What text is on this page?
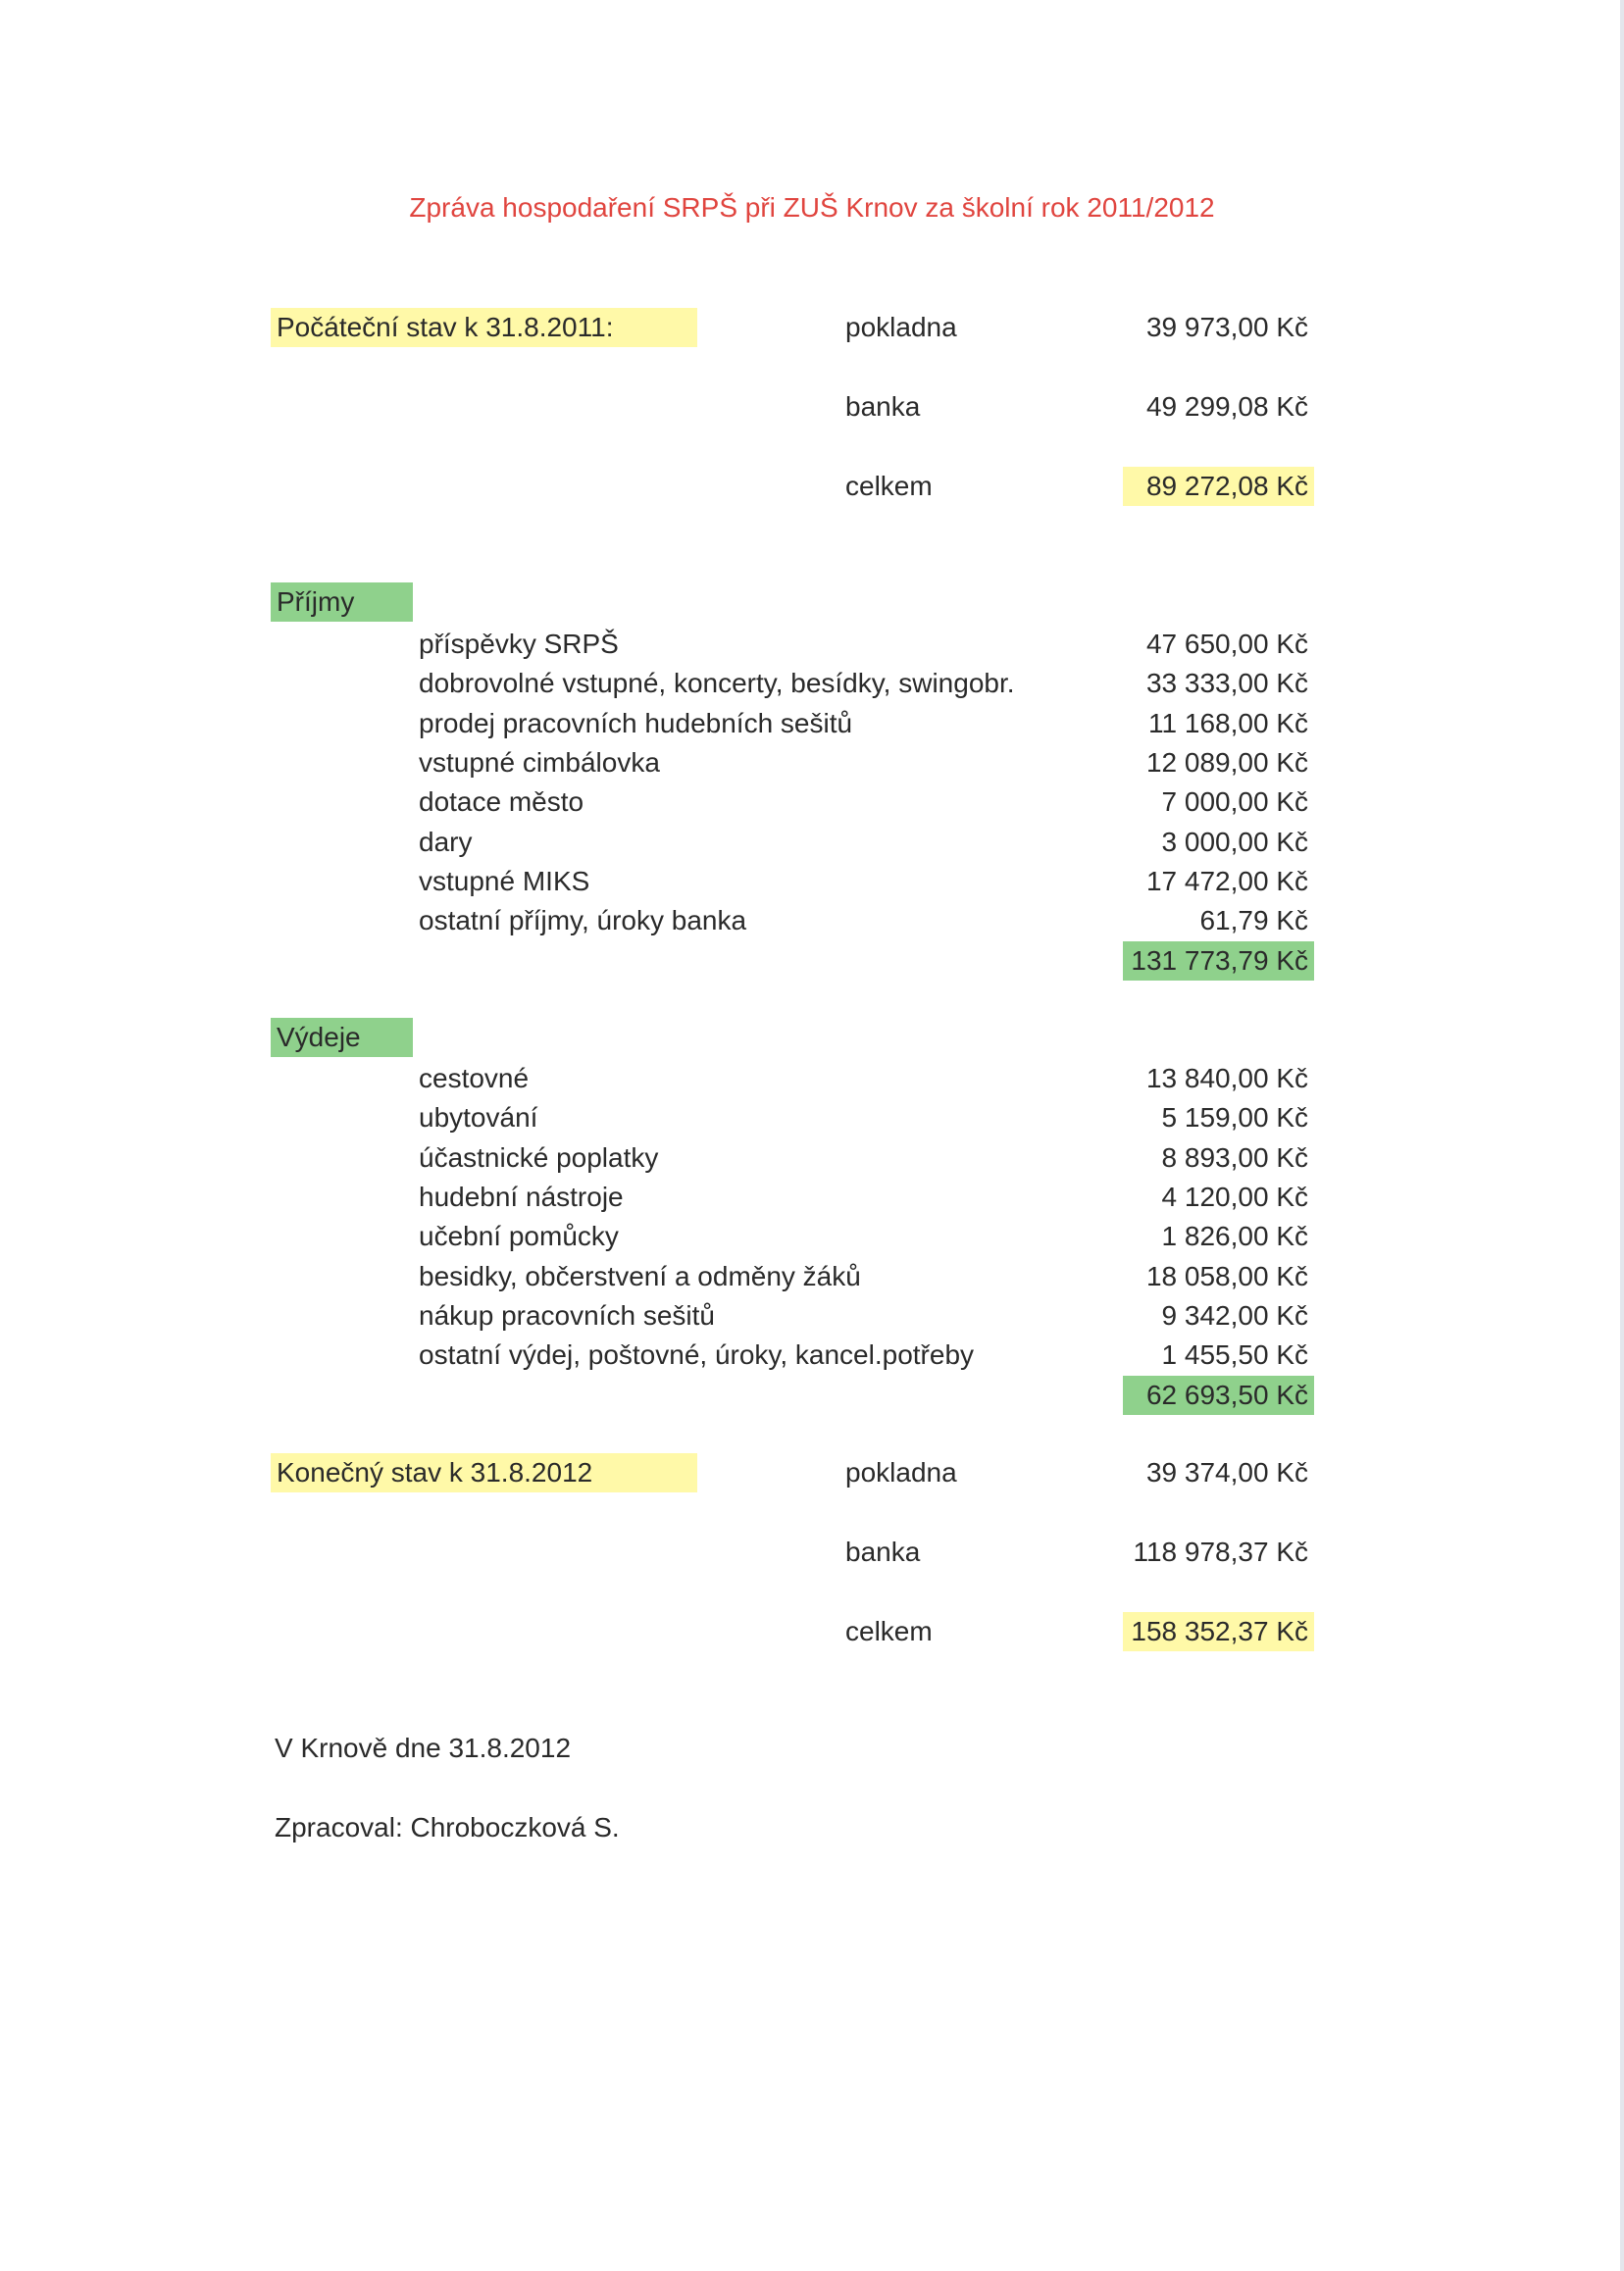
Zpráva hospodaření SRPŠ při ZUŠ Krnov za školní rok 2011/2012
Počáteční stav k 31.8.2011:	pokladna	39 973,00 Kč
banka	49 299,08 Kč
celkem	89 272,08 Kč
Příjmy
příspěvky SRPŠ	47 650,00 Kč
dobrovolné vstupné, koncerty, besídky, swingobr.	33 333,00 Kč
prodej pracovních hudebních sešitů	11 168,00 Kč
vstupné cimbálovka	12 089,00 Kč
dotace město	7 000,00 Kč
dary	3 000,00 Kč
vstupné MIKS	17 472,00 Kč
ostatní příjmy, úroky banka	61,79 Kč
131 773,79 Kč
Výdeje
cestovné	13 840,00 Kč
ubytování	5 159,00 Kč
účastnické poplatky	8 893,00 Kč
hudební nástroje	4 120,00 Kč
učební pomůcky	1 826,00 Kč
besidky, občerstvení a odměny žáků	18 058,00 Kč
nákup pracovních sešitů	9 342,00 Kč
ostatní výdej, poštovné, úroky, kancel.potřeby	1 455,50 Kč
62 693,50 Kč
Konečný stav k 31.8.2012	pokladna	39 374,00 Kč
banka	118 978,37 Kč
celkem	158 352,37 Kč
V Krnově dne 31.8.2012
Zpracoval: Chroboczková S.
